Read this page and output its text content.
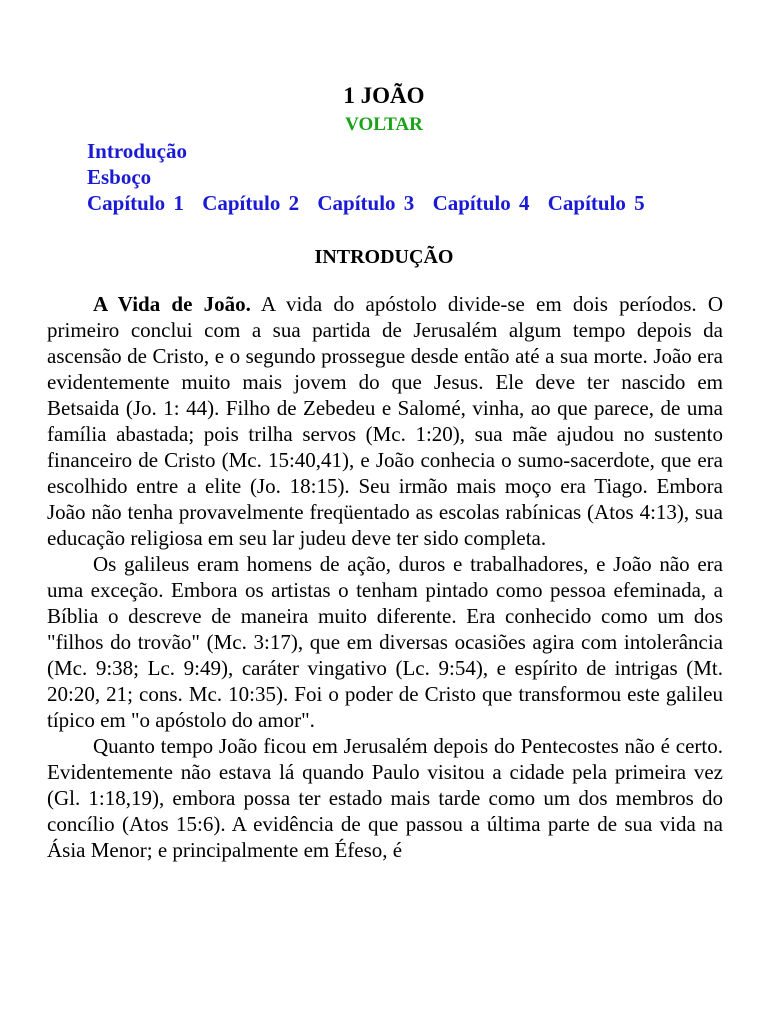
1 JOÃO
VOLTAR
Introdução
Esboço
Capítulo 1 Capítulo 2 Capítulo 3 Capítulo 4 Capítulo 5
INTRODUÇÃO

A Vida de João. A vida do apóstolo divide-se em dois períodos. O primeiro conclui com a sua partida de Jerusalém algum tempo depois da ascensão de Cristo, e o segundo prossegue desde então até a sua morte. João era evidentemente muito mais jovem do que Jesus. Ele deve ter nascido em Betsaida (Jo. 1: 44). Filho de Zebedeu e Salomé, vinha, ao que parece, de uma família abastada; pois trilha servos (Mc. 1:20), sua mãe ajudou no sustento financeiro de Cristo (Mc. 15:40,41), e João conhecia o sumo-sacerdote, que era escolhido entre a elite (Jo. 18:15). Seu irmão mais moço era Tiago. Embora João não tenha provavelmente freqüentado as escolas rabínicas (Atos 4:13), sua educação religiosa em seu lar judeu deve ter sido completa.

Os galileus eram homens de ação, duros e trabalhadores, e João não era uma exceção. Embora os artistas o tenham pintado como pessoa efeminada, a Bíblia o descreve de maneira muito diferente. Era conhecido como um dos "filhos do trovão" (Mc. 3:17), que em diversas ocasiões agira com intolerância (Mc. 9:38; Lc. 9:49), caráter vingativo (Lc. 9:54), e espírito de intrigas (Mt. 20:20, 21; cons. Mc. 10:35). Foi o poder de Cristo que transformou este galileu típico em "o apóstolo do amor".

Quanto tempo João ficou em Jerusalém depois do Pentecostes não é certo. Evidentemente não estava lá quando Paulo visitou a cidade pela primeira vez (Gl. 1:18,19), embora possa ter estado mais tarde como um dos membros do concílio (Atos 15:6). A evidência de que passou a última parte de sua vida na Ásia Menor; e principalmente em Éfeso, é
